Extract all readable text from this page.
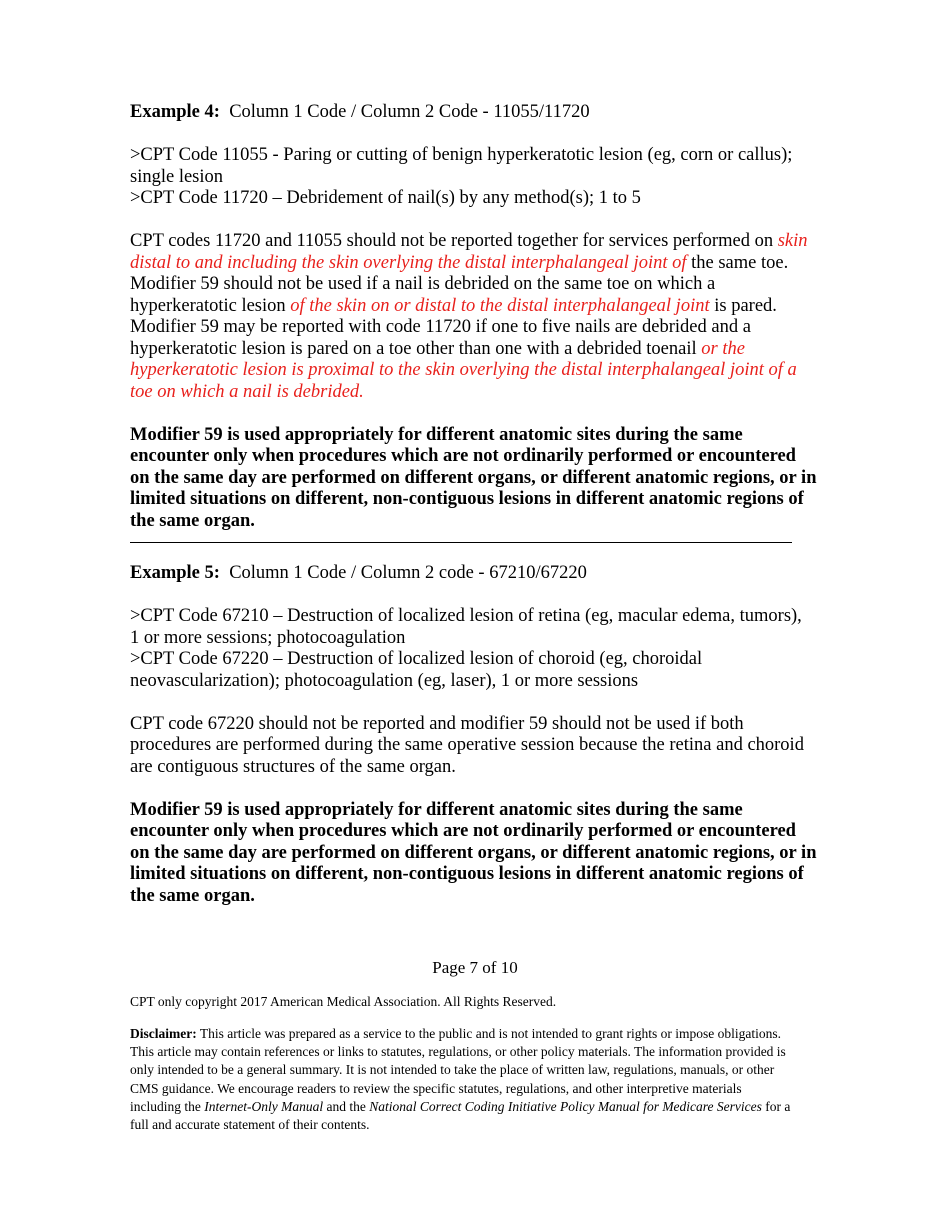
Example 4: Column 1 Code / Column 2 Code - 11055/11720

>CPT Code 11055 - Paring or cutting of benign hyperkeratotic lesion (eg, corn or callus);
single lesion
>CPT Code 11720 – Debridement of nail(s) by any method(s); 1 to 5

CPT codes 11720 and 11055 should not be reported together for services performed on skin distal to and including the skin overlying the distal interphalangeal joint of the same toe. Modifier 59 should not be used if a nail is debrided on the same toe on which a hyperkeratotic lesion of the skin on or distal to the distal interphalangeal joint is pared. Modifier 59 may be reported with code 11720 if one to five nails are debrided and a hyperkeratotic lesion is pared on a toe other than one with a debrided toenail or the hyperkeratotic lesion is proximal to the skin overlying the distal interphalangeal joint of a toe on which a nail is debrided.

Modifier 59 is used appropriately for different anatomic sites during the same encounter only when procedures which are not ordinarily performed or encountered on the same day are performed on different organs, or different anatomic regions, or in limited situations on different, non-contiguous lesions in different anatomic regions of the same organ.

Example 5: Column 1 Code / Column 2 code - 67210/67220

>CPT Code 67210 – Destruction of localized lesion of retina (eg, macular edema, tumors),
1 or more sessions; photocoagulation
>CPT Code 67220 – Destruction of localized lesion of choroid (eg, choroidal
neovascularization); photocoagulation (eg, laser), 1 or more sessions

CPT code 67220 should not be reported and modifier 59 should not be used if both procedures are performed during the same operative session because the retina and choroid are contiguous structures of the same organ.

Modifier 59 is used appropriately for different anatomic sites during the same encounter only when procedures which are not ordinarily performed or encountered on the same day are performed on different organs, or different anatomic regions, or in limited situations on different, non-contiguous lesions in different anatomic regions of the same organ.

Page 7 of 10
CPT only copyright 2017 American Medical Association. All Rights Reserved.
Disclaimer: This article was prepared as a service to the public and is not intended to grant rights or impose obligations.
This article may contain references or links to statutes, regulations, or other policy materials. The information provided is
only intended to be a general summary. It is not intended to take the place of written law, regulations, manuals, or other
CMS guidance. We encourage readers to review the specific statutes, regulations, and other interpretive materials
including the Internet-Only Manual and the National Correct Coding Initiative Policy Manual for Medicare Services for a
full and accurate statement of their contents.
